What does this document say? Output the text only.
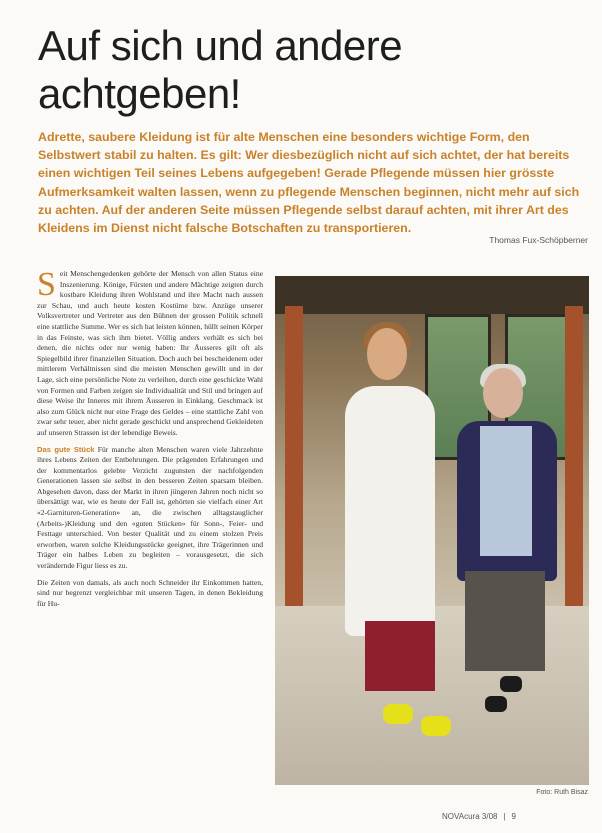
Auf sich und andere achtgeben!

Adrette, saubere Kleidung ist für alte Menschen eine besonders wichtige Form, den Selbstwert stabil zu halten. Es gilt: Wer diesbezüglich nicht auf sich achtet, der hat bereits einen wichtigen Teil seines Lebens aufgegeben! Gerade Pflegende müssen hier grösste Aufmerksamkeit walten lassen, wenn zu pflegende Menschen beginnen, nicht mehr auf sich zu achten. Auf der anderen Seite müssen Pflegende selbst darauf achten, mit ihrer Art des Kleidens im Dienst nicht falsche Botschaften zu transportieren.

Thomas Fux-Schöpberner

Seit Menschengedenken gehörte der Mensch von allen Status eine Inszenierung. Könige, Fürsten und andere Mächtige zeigten durch kostbare Kleidung ihren Wohlstand und ihre Macht nach aussen zur Schau, und auch heute kosten Kostüme bzw. Anzüge unserer Volksvertreter und Vertreter aus den Bühnen der grossen Politik schnell eine stattliche Summe. Wer es sich hat leisten können, hüllt seinen Körper in das Feinste, was sich ihm bietet. Völlig anders verhält es sich bei denen, die nichts oder nur wenig haben: Ihr Äusseres gilt oft als Spiegelbild ihrer finanziellen Situation. Doch auch bei bescheidenem oder mittlerem Verhältnissen sind die meisten Menschen gewillt und in der Lage, sich eine persönliche Note zu verleihen, durch eine geschickte Wahl von Formen und Farben zeigen sie Individualität und Stil und bringen auf diese Weise ihr Inneres mit ihrem Äusseren in Einklang. Geschmack ist also zum Glück nicht nur eine Frage des Geldes – eine stattliche Zahl von zwar sehr teuer, aber nicht gerade geschickt und ansprechend Gekleideten auf unseren Strassen ist der lebendige Beweis.

Das gute Stück Für manche alten Menschen waren viele Jahrzehnte ihres Lebens Zeiten der Entbehrungen. Die prägenden Erfahrungen und der kommentarlos gelebte Verzicht zugunsten der nachfolgenden Generationen lassen sie selbst in den besseren Zeiten sparsam bleiben. Abgesehen davon, dass der Markt in ihren jüngeren Jahren noch nicht so übersättigt war, wie es heute der Fall ist, gehörten sie vielfach einer Art «2-Garnituren-Generation» an, die zwischen alltagstauglicher (Arbeits-)Kleidung und den «guten Stücken» für Sonn-, Feier- und Festtage unterschied. Von bester Qualität und zu einem stolzen Preis erworben, waren solche Kleidungsstücke geeignet, ihre Trägerinnen und Träger ein halbes Leben zu begleiten – vorausgesetzt, die sich verändernde Figur liess es zu.

Die Zeiten von damals, als auch noch Schneider ihr Einkommen hatten, sind nur begrenzt vergleichbar mit unseren Tagen, in denen Bekleidung für Hu-

Foto: Ruth Bisaz
NOVAcura 3/08 | 9
